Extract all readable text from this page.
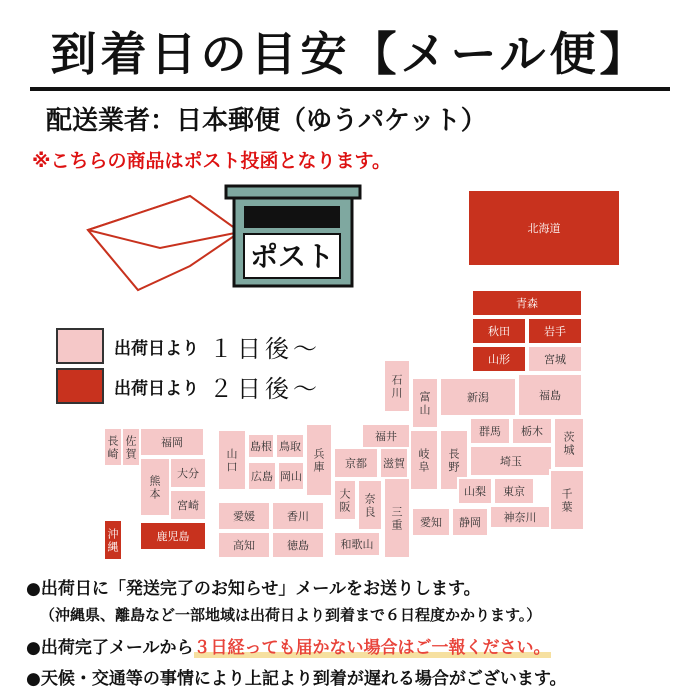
到着日の目安【メール便】
配送業者：日本郵便（ゆうパケット）
※こちらの商品はポスト投函となります。
出荷日より １日後〜
出荷日より ２日後〜
ポスト
北海道
青森
秋田	岩手
山形	宮城
福島
石
川 富
山
新潟
群馬 栃木 茨
城
福井
岐
阜
長
野	埼玉
山梨 東京	千
葉
神奈川
愛知 静岡
三
重
京都 滋賀
大
阪
奈
良
和歌山
兵
庫
島根 鳥取
山
口
広島 岡山
愛媛	香川
高知	徳島
福岡
佐
賀
長
崎
大分
熊
本
宮崎
鹿児島
沖
縄
●出荷日に「発送完了のお知らせ」メールをお送りします。
（沖縄県、離島など一部地域は出荷日より到着まで６日程度かかります。）
●出荷完了メールから３日経っても届かない場合はご一報ください。
●天候・交通等の事情により上記より到着が遅れる場合がございます。
